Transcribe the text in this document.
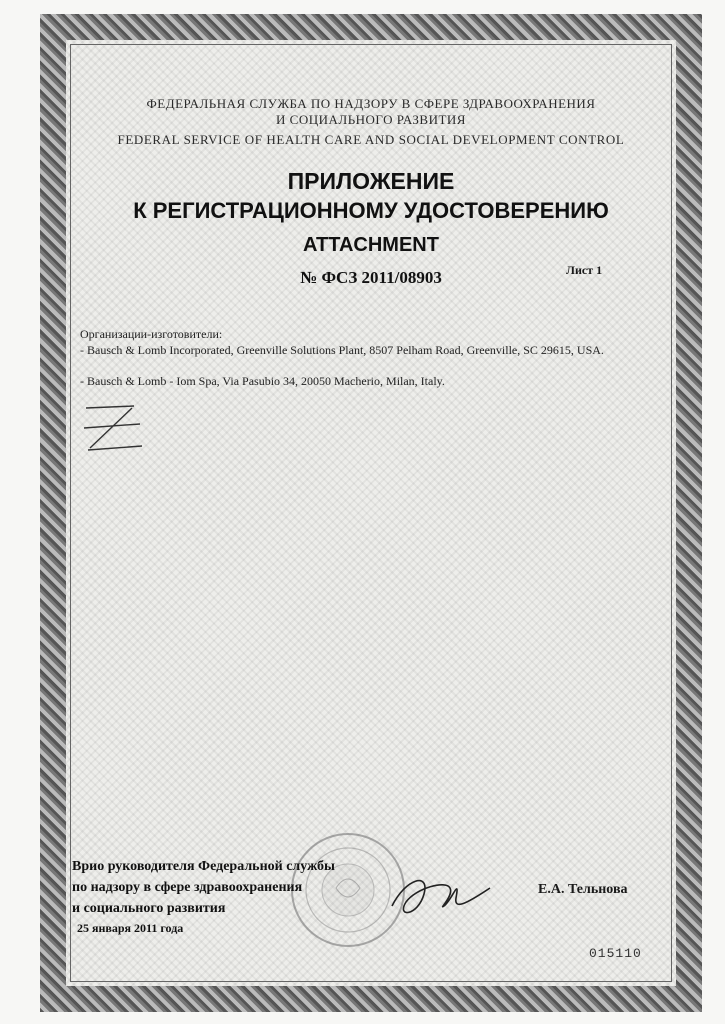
ФЕДЕРАЛЬНАЯ СЛУЖБА ПО НАДЗОРУ В СФЕРЕ ЗДРАВООХРАНЕНИЯ
И СОЦИАЛЬНОГО РАЗВИТИЯ
FEDERAL SERVICE OF HEALTH CARE AND SOCIAL DEVELOPMENT CONTROL
ПРИЛОЖЕНИЕ
К РЕГИСТРАЦИОННОМУ УДОСТОВЕРЕНИЮ
ATTACHMENT
№ ФСЗ 2011/08903	Лист 1
Организации-изготовители:
- Bausch & Lomb Incorporated, Greenville Solutions Plant, 8507 Pelham Road, Greenville, SC 29615, USA.
- Bausch & Lomb - Iom Spa, Via Pasubio 34, 20050 Macherio, Milan, Italy.
Врио руководителя Федеральной службы
по надзору в сфере здравоохранения
и социального развития
25 января 2011 года
Е.А. Тельнова
015110
